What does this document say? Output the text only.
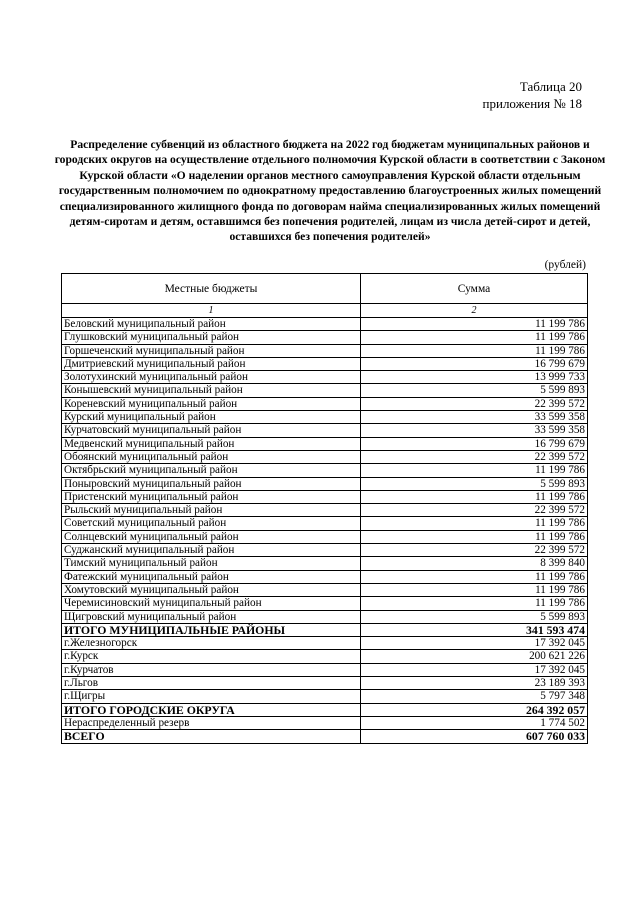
Таблица 20
приложения № 18
Распределение субвенций из областного бюджета на 2022 год бюджетам муниципальных районов и городских округов на осуществление отдельного полномочия Курской области в соответствии с Законом Курской области «О наделении органов местного самоуправления Курской области отдельным государственным полномочием по однократному предоставлению благоустроенных жилых помещений специализированного жилищного фонда по договорам найма специализированных жилых помещений детям-сиротам и детям, оставшимся без попечения родителей, лицам из числа детей-сирот и детей, оставшихся без попечения родителей»
(рублей)
Местные бюджеты	Сумма
1	2
Беловский муниципальный район	11 199 786
Глушковский муниципальный район	11 199 786
Горшеченский муниципальный район	11 199 786
Дмитриевский муниципальный район	16 799 679
Золотухинский муниципальный район	13 999 733
Конышевский муниципальный район	5 599 893
Кореневский муниципальный район	22 399 572
Курский муниципальный район	33 599 358
Курчатовский муниципальный район	33 599 358
Медвенский муниципальный район	16 799 679
Обоянский муниципальный район	22 399 572
Октябрьский муниципальный район	11 199 786
Поныровский муниципальный район	5 599 893
Пристенский муниципальный район	11 199 786
Рыльский муниципальный район	22 399 572
Советский муниципальный район	11 199 786
Солнцевский муниципальный район	11 199 786
Суджанский муниципальный район	22 399 572
Тимский муниципальный район	8 399 840
Фатежский муниципальный район	11 199 786
Хомутовский муниципальный район	11 199 786
Черемисиновский муниципальный район	11 199 786
Щигровский муниципальный район	5 599 893
ИТОГО МУНИЦИПАЛЬНЫЕ РАЙОНЫ	341 593 474
г.Железногорск	17 392 045
г.Курск	200 621 226
г.Курчатов	17 392 045
г.Льгов	23 189 393
г.Щигры	5 797 348
ИТОГО ГОРОДСКИЕ ОКРУГА	264 392 057
Нераспределенный резерв	1 774 502
ВСЕГО	607 760 033
